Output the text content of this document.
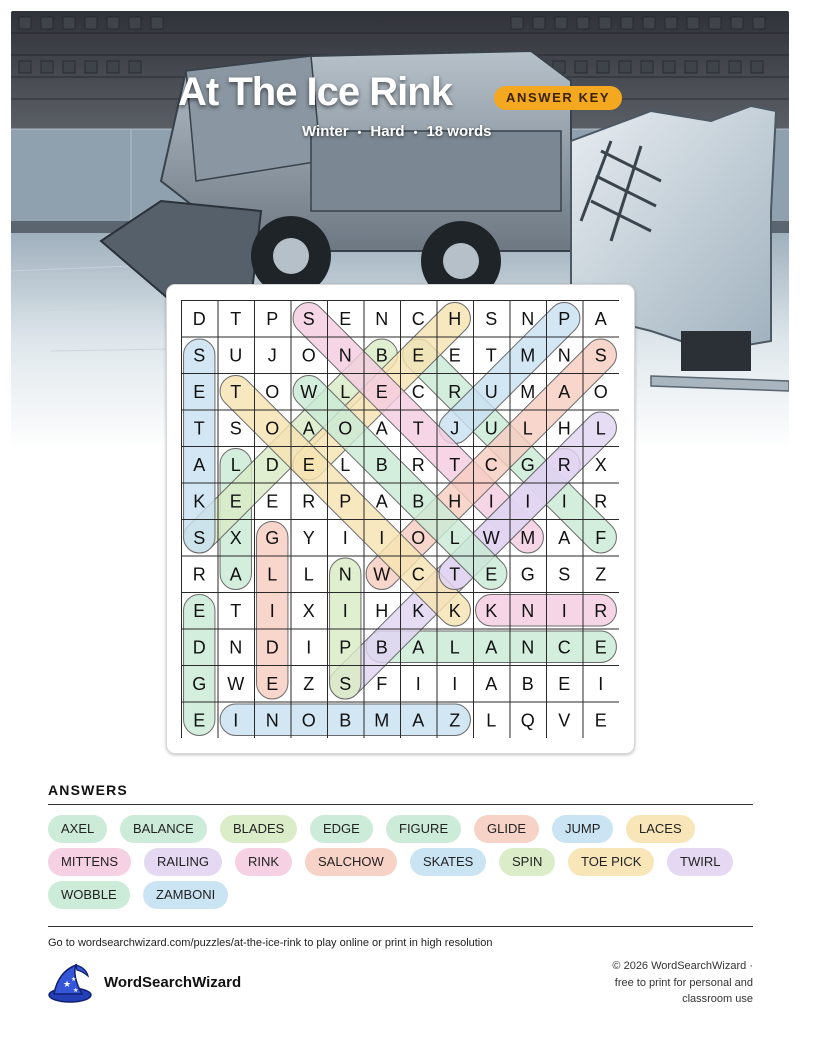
At The Ice Rink	ANSWER KEY
Winter • Hard • 18 words
D T P S E N C H S N P A
S U J O N B E E T M N S
E T O W L E C R U M A O
T S O A O A T J U L H L
A L D E L B R T C G R X
K E E R P A B H I I I R
S X G Y I I O L W M A F
R A L L N W C T E G S Z
E T I X I H K K K N I R
D N D I P B A L A N C E
G W E Z S F I I A B E I
E I N O B M A Z L Q V E
ANSWERS
AXEL	BALANCE	BLADES	EDGE	FIGURE	GLIDE	JUMP	LACES
MITTENS	RAILING	RINK	SALCHOW	SKATES	SPIN	TOE PICK	TWIRL
WOBBLE	ZAMBONI
Go to wordsearchwizard.com/puzzles/at-the-ice-rink to play online or print in high resolution
★
★
★ WordSearchWizard
© 2026 WordSearchWizard ·
free to print for personal and
classroom use
